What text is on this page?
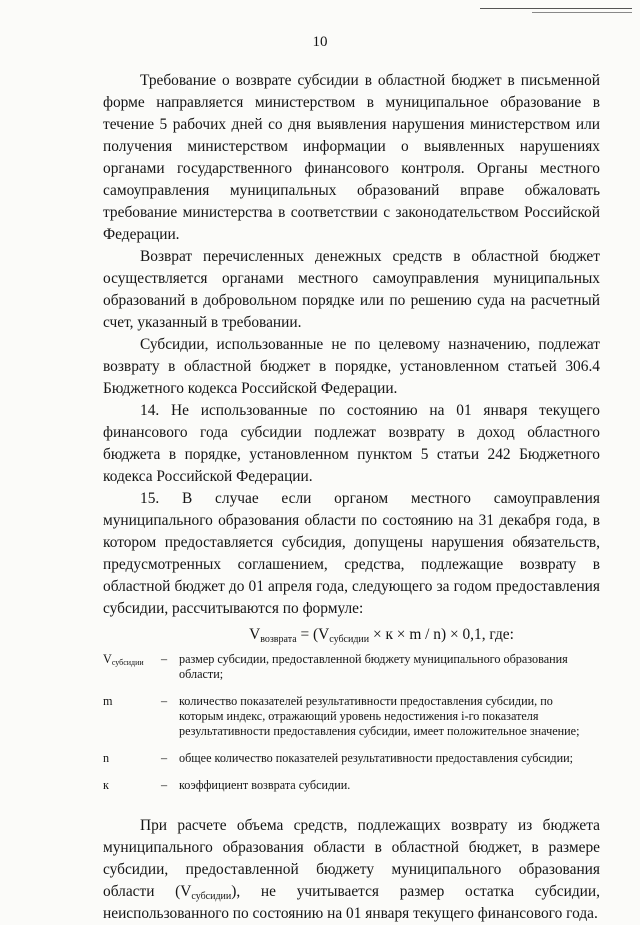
10

Требование о возврате субсидии в областной бюджет в письменной форме направляется министерством в муниципальное образование в течение 5 рабочих дней со дня выявления нарушения министерством или получения министерством информации о выявленных нарушениях органами государственного финансового контроля. Органы местного самоуправления муниципальных образований вправе обжаловать требование министерства в соответствии с законодательством Российской Федерации.

Возврат перечисленных денежных средств в областной бюджет осуществляется органами местного самоуправления муниципальных образований в добровольном порядке или по решению суда на расчетный счет, указанный в требовании.

Субсидии, использованные не по целевому назначению, подлежат возврату в областной бюджет в порядке, установленном статьей 306.4 Бюджетного кодекса Российской Федерации.

14. Не использованные по состоянию на 01 января текущего финансового года субсидии подлежат возврату в доход областного бюджета в порядке, установленном пунктом 5 статьи 242 Бюджетного кодекса Российской Федерации.

15. В случае если органом местного самоуправления муниципального образования области по состоянию на 31 декабря года, в котором предоставляется субсидия, допущены нарушения обязательств, предусмотренных соглашением, средства, подлежащие возврату в областной бюджет до 01 апреля года, следующего за годом предоставления субсидии, рассчитываются по формуле:

$V_{возврата} = (V_{субсидии} \times к \times m / n) \times 0,1$, где:
$V_{субсидии}$	–	размер субсидии, предоставленной бюджету муниципального образования области;
m	–	количество показателей результативности предоставления субсидии, по которым индекс, отражающий уровень недостижения i-го показателя результативности предоставления субсидии, имеет положительное значение;
n	–	общее количество показателей результативности предоставления субсидии;
к	–	коэффициент возврата субсидии.

При расчете объема средств, подлежащих возврату из бюджета муниципального образования области в областной бюджет, в размере субсидии, предоставленной бюджету муниципального образования области $(V_{субсидии})$, не учитывается размер остатка субсидии, неиспользованного по состоянию на 01 января текущего финансового года.
